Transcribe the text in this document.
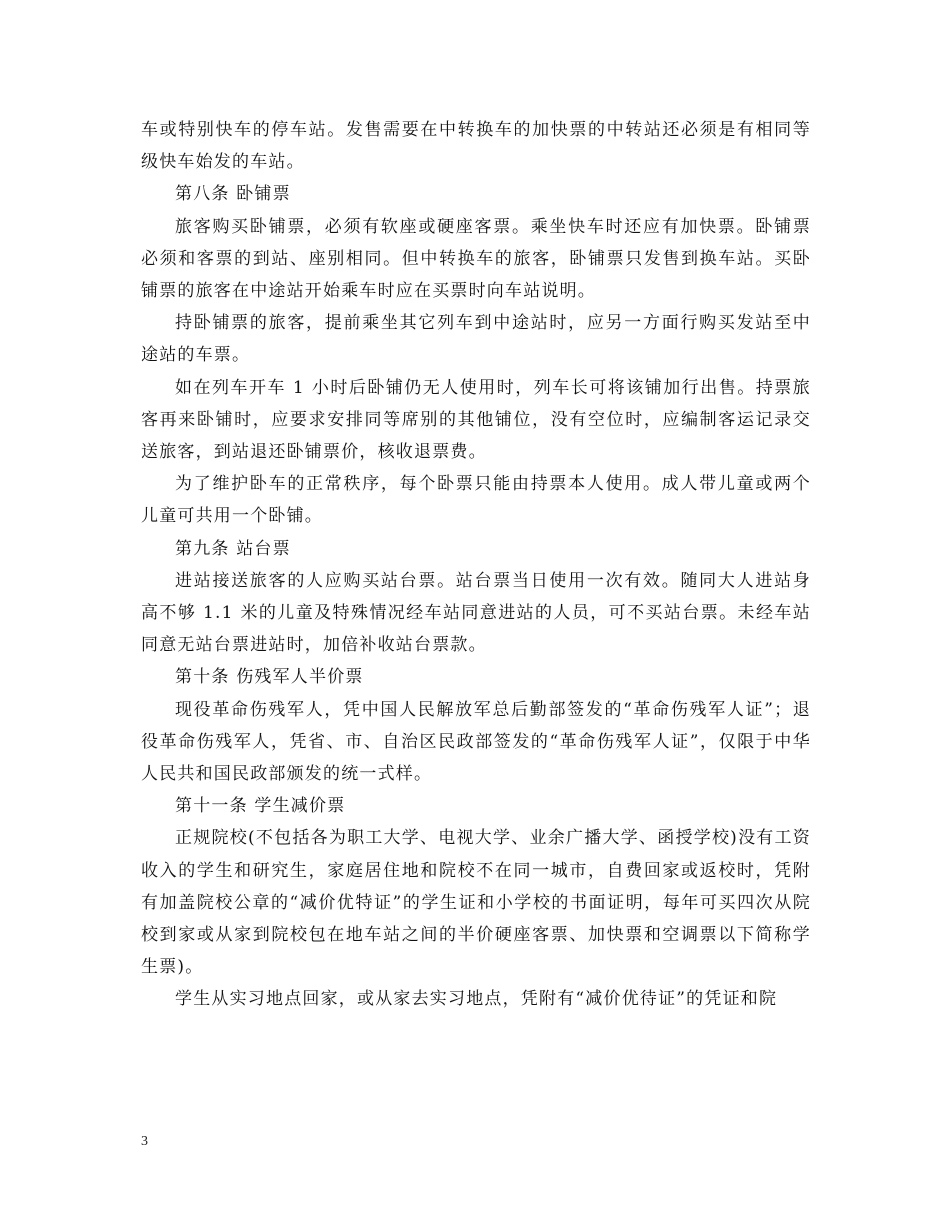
车或特别快车的停车站。发售需要在中转换车的加快票的中转站还必须是有相同等级快车始发的车站。

第八条 卧铺票

旅客购买卧铺票，必须有软座或硬座客票。乘坐快车时还应有加快票。卧铺票必须和客票的到站、座别相同。但中转换车的旅客，卧铺票只发售到换车站。买卧铺票的旅客在中途站开始乘车时应在买票时向车站说明。

持卧铺票的旅客，提前乘坐其它列车到中途站时，应另一方面行购买发站至中途站的车票。

如在列车开车 1 小时后卧铺仍无人使用时，列车长可将该铺加行出售。持票旅客再来卧铺时，应要求安排同等席别的其他铺位，没有空位时，应编制客运记录交送旅客，到站退还卧铺票价，核收退票费。

为了维护卧车的正常秩序，每个卧票只能由持票本人使用。成人带儿童或两个儿童可共用一个卧铺。

第九条 站台票

进站接送旅客的人应购买站台票。站台票当日使用一次有效。随同大人进站身高不够 1.1 米的儿童及特殊情况经车站同意进站的人员，可不买站台票。未经车站同意无站台票进站时，加倍补收站台票款。

第十条 伤残军人半价票

现役革命伤残军人，凭中国人民解放军总后勤部签发的“革命伤残军人证”；退役革命伤残军人，凭省、市、自治区民政部签发的“革命伤残军人证”，仅限于中华人民共和国民政部颁发的统一式样。

第十一条 学生减价票

正规院校(不包括各为职工大学、电视大学、业余广播大学、函授学校)没有工资收入的学生和研究生，家庭居住地和院校不在同一城市，自费回家或返校时，凭附有加盖院校公章的“减价优特证”的学生证和小学校的书面证明，每年可买四次从院校到家或从家到院校包在地车站之间的半价硬座客票、加快票和空调票以下简称学生票)。

学生从实习地点回家，或从家去实习地点，凭附有“减价优待证”的凭证和院

3
